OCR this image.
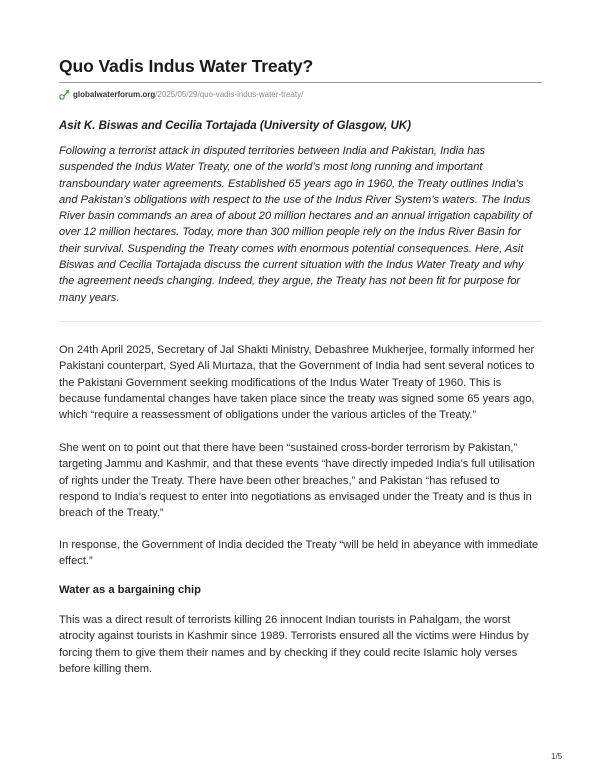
Quo Vadis Indus Water Treaty?
globalwaterforum.org /2025/05/29/quo-vadis-indus-water-treaty/

Asit K. Biswas and Cecilia Tortajada (University of Glasgow, UK)

Following a terrorist attack in disputed territories between India and Pakistan, India has suspended the Indus Water Treaty, one of the world’s most long running and important transboundary water agreements. Established 65 years ago in 1960, the Treaty outlines India’s and Pakistan’s obligations with respect to the use of the Indus River System’s waters. The Indus River basin commands an area of about 20 million hectares and an annual irrigation capability of over 12 million hectares. Today, more than 300 million people rely on the Indus River Basin for their survival. Suspending the Treaty comes with enormous potential consequences. Here, Asit Biswas and Cecilia Tortajada discuss the current situation with the Indus Water Treaty and why the agreement needs changing. Indeed, they argue, the Treaty has not been fit for purpose for many years.

On 24th April 2025, Secretary of Jal Shakti Ministry, Debashree Mukherjee, formally informed her Pakistani counterpart, Syed Ali Murtaza, that the Government of India had sent several notices to the Pakistani Government seeking modifications of the Indus Water Treaty of 1960. This is because fundamental changes have taken place since the treaty was signed some 65 years ago, which “require a reassessment of obligations under the various articles of the Treaty.”

She went on to point out that there have been “sustained cross-border terrorism by Pakistan,” targeting Jammu and Kashmir, and that these events “have directly impeded India’s full utilisation of rights under the Treaty. There have been other breaches,” and Pakistan “has refused to respond to India’s request to enter into negotiations as envisaged under the Treaty and is thus in breach of the Treaty.”

In response, the Government of India decided the Treaty “will be held in abeyance with immediate effect.”

Water as a bargaining chip

This was a direct result of terrorists killing 26 innocent Indian tourists in Pahalgam, the worst atrocity against tourists in Kashmir since 1989. Terrorists ensured all the victims were Hindus by forcing them to give them their names and by checking if they could recite Islamic holy verses before killing them.

1/5
